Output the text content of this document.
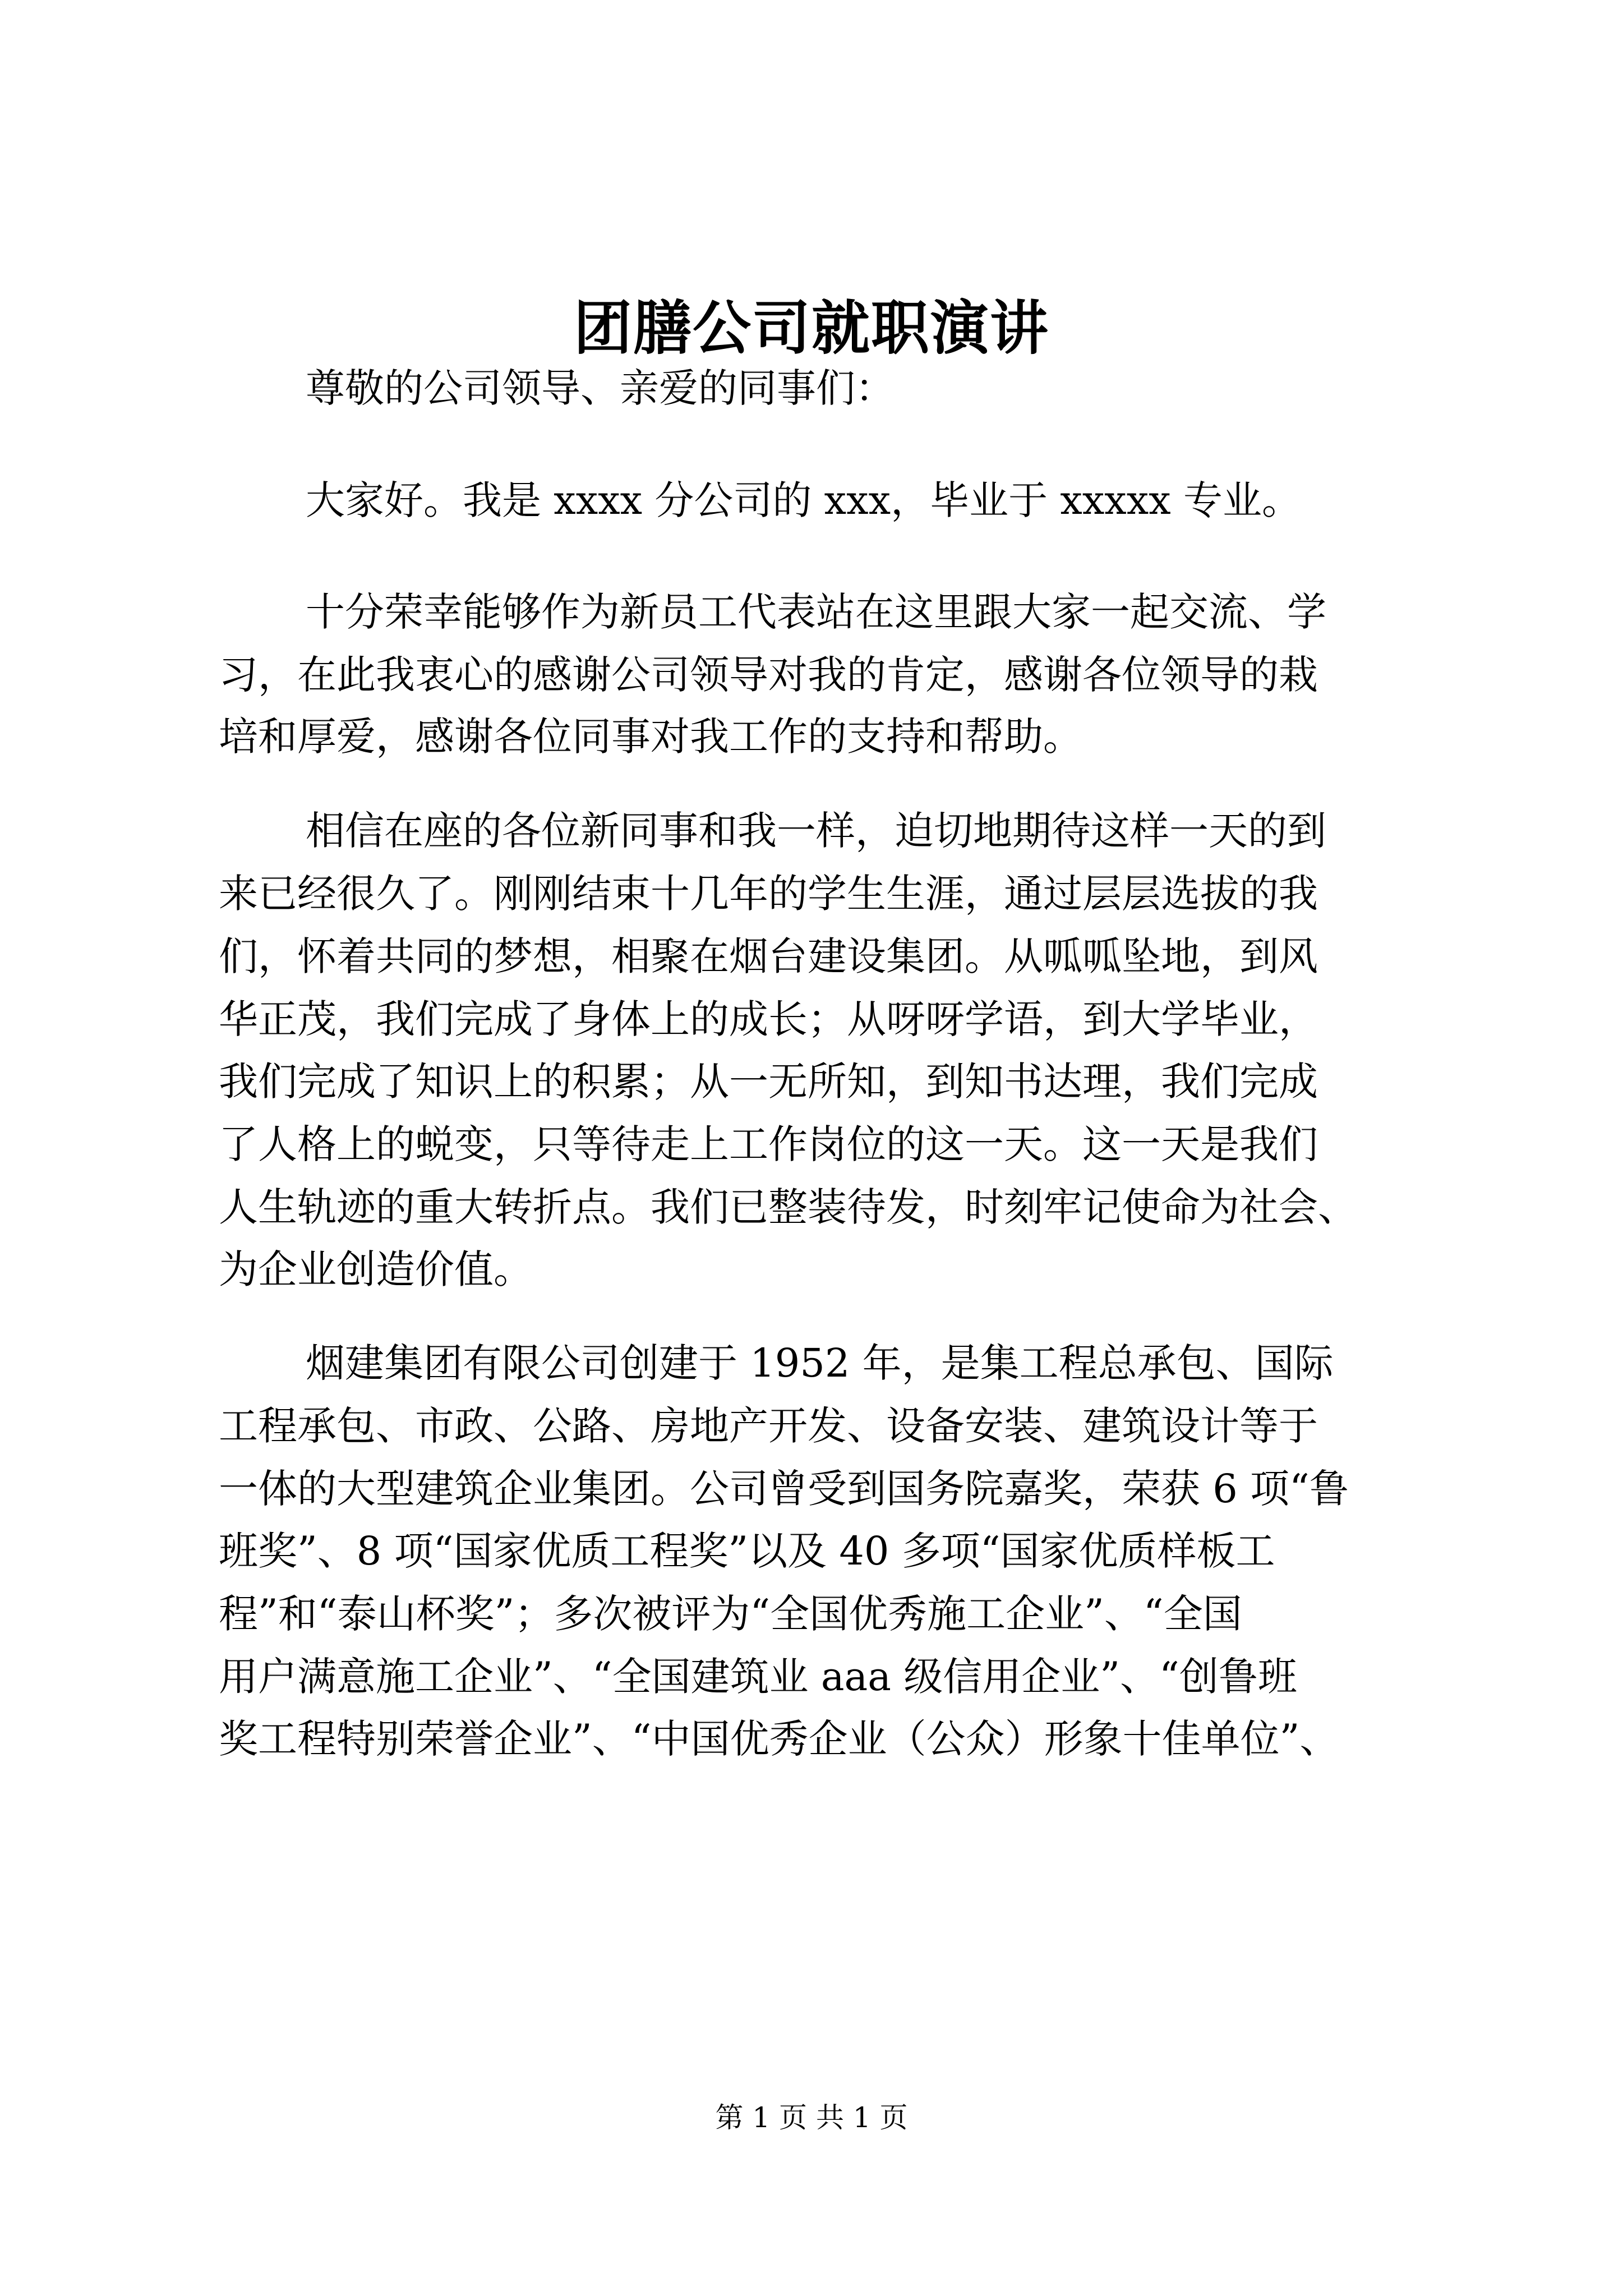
团膳公司就职演讲
尊敬的公司领导、亲爱的同事们：
大家好。我是 xxxx 分公司的 xxx，毕业于 xxxxx 专业。
十分荣幸能够作为新员工代表站在这里跟大家一起交流、学
习，在此我衷心的感谢公司领导对我的肯定，感谢各位领导的栽
培和厚爱，感谢各位同事对我工作的支持和帮助。
相信在座的各位新同事和我一样，迫切地期待这样一天的到
来已经很久了。刚刚结束十几年的学生生涯，通过层层选拔的我
们，怀着共同的梦想，相聚在烟台建设集团。从呱呱坠地，到风
华正茂，我们完成了身体上的成长；从呀呀学语，到大学毕业，
我们完成了知识上的积累；从一无所知，到知书达理，我们完成
了人格上的蜕变，只等待走上工作岗位的这一天。这一天是我们
人生轨迹的重大转折点。我们已整装待发，时刻牢记使命为社会、
为企业创造价值。
烟建集团有限公司创建于 1952 年，是集工程总承包、国际
工程承包、市政、公路、房地产开发、设备安装、建筑设计等于
一体的大型建筑企业集团。公司曾受到国务院嘉奖，荣获 6 项“鲁
班奖”、8 项“国家优质工程奖”以及 40 多项“国家优质样板工
程”和“泰山杯奖”；多次被评为“全国优秀施工企业”、“全国
用户满意施工企业”、“全国建筑业 aaa 级信用企业”、“创鲁班
奖工程特别荣誉企业”、“中国优秀企业（公众）形象十佳单位”、
第 1 页 共 1 页
